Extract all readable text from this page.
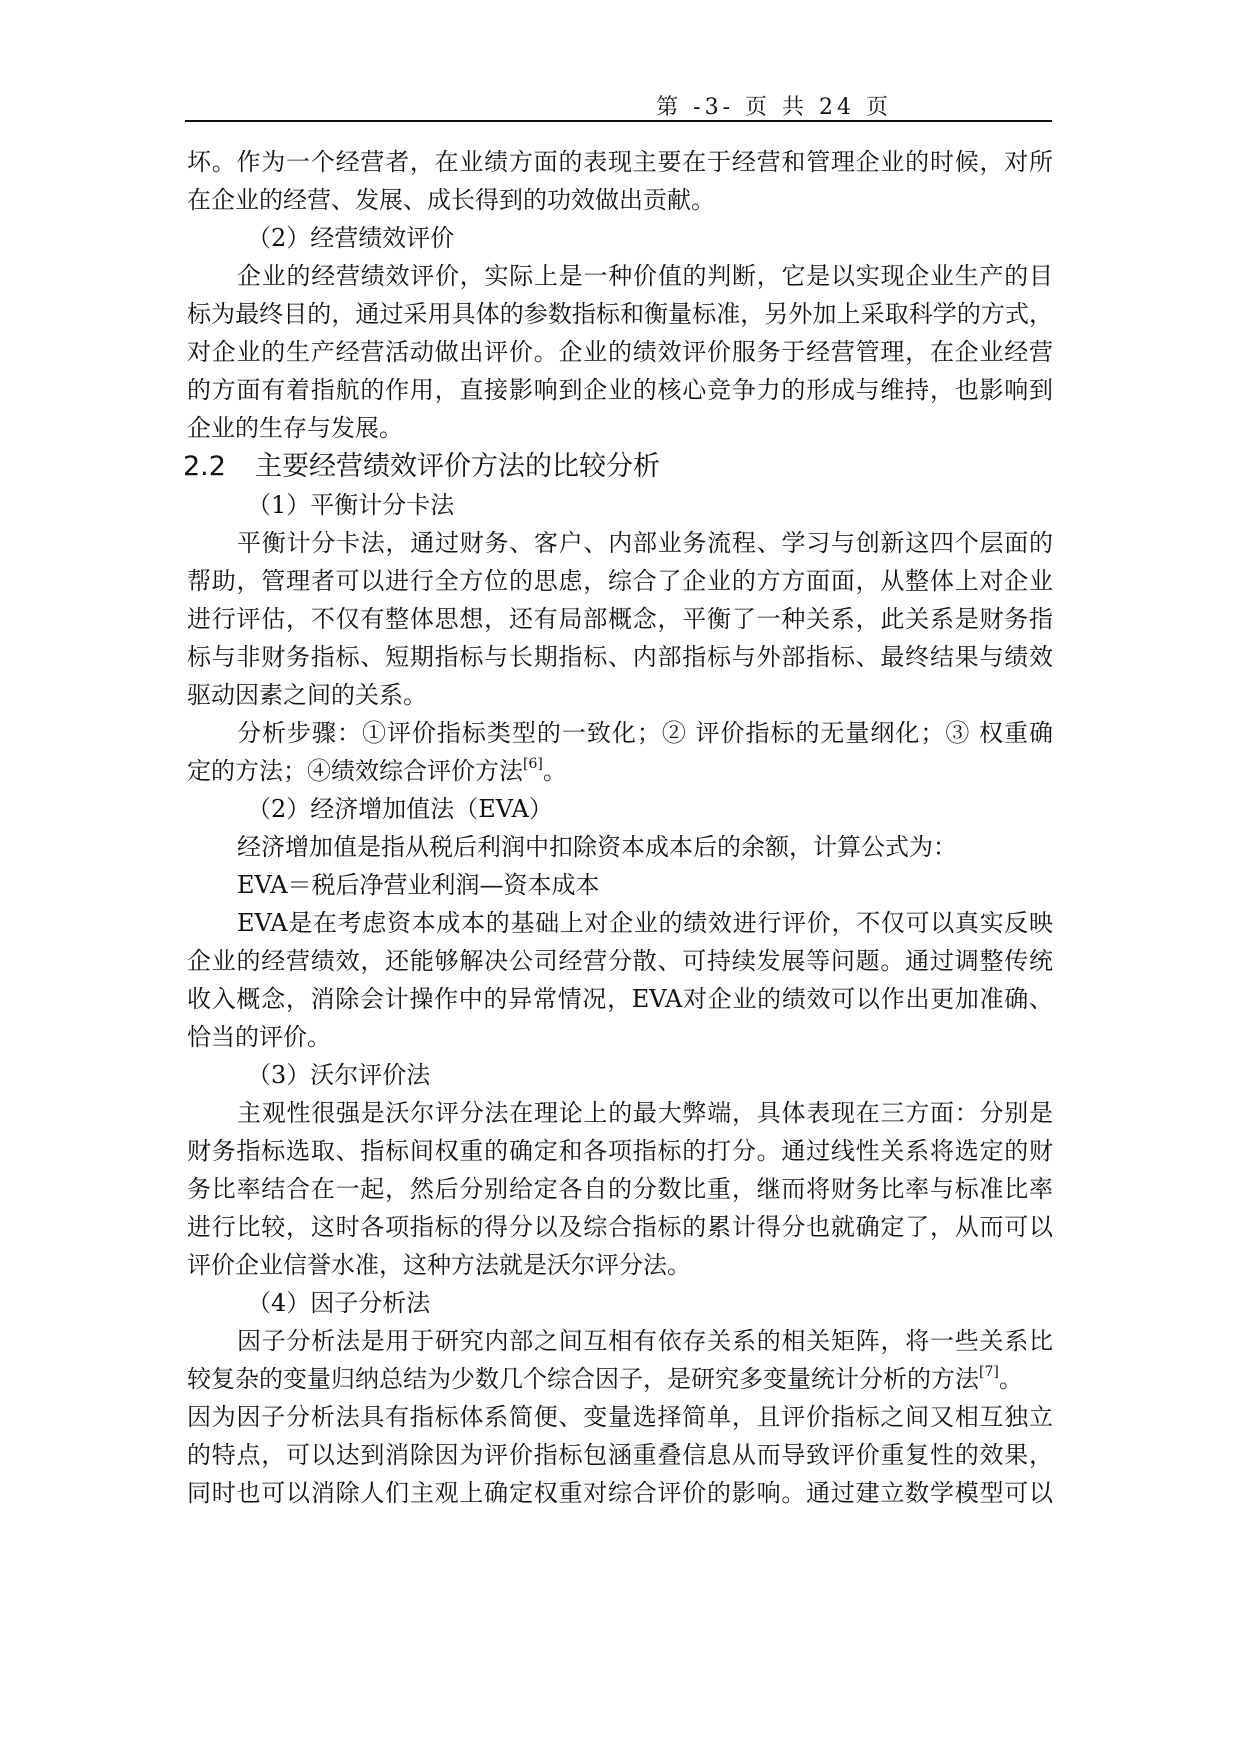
第 -3- 页 共 24 页
坏。作为一个经营者，在业绩方面的表现主要在于经营和管理企业的时候，对所
在企业的经营、发展、成长得到的功效做出贡献。
（2）经营绩效评价
企业的经营绩效评价，实际上是一种价值的判断，它是以实现企业生产的目
标为最终目的，通过采用具体的参数指标和衡量标准，另外加上采取科学的方式，
对企业的生产经营活动做出评价。企业的绩效评价服务于经营管理，在企业经营
的方面有着指航的作用，直接影响到企业的核心竞争力的形成与维持，也影响到
企业的生存与发展。
2.2 主要经营绩效评价方法的比较分析
（1）平衡计分卡法
平衡计分卡法，通过财务、客户、内部业务流程、学习与创新这四个层面的
帮助，管理者可以进行全方位的思虑，综合了企业的方方面面，从整体上对企业
进行评估，不仅有整体思想，还有局部概念，平衡了一种关系，此关系是财务指
标与非财务指标、短期指标与长期指标、内部指标与外部指标、最终结果与绩效
驱动因素之间的关系。
分析步骤：①评价指标类型的一致化；② 评价指标的无量纲化；③ 权重确
定的方法；④绩效综合评价方法[6]。
（2）经济增加值法（EVA）
经济增加值是指从税后利润中扣除资本成本后的余额，计算公式为：
EVA＝税后净营业利润—资本成本
EVA是在考虑资本成本的基础上对企业的绩效进行评价，不仅可以真实反映
企业的经营绩效，还能够解决公司经营分散、可持续发展等问题。通过调整传统
收入概念，消除会计操作中的异常情况，EVA对企业的绩效可以作出更加准确、
恰当的评价。
（3）沃尔评价法
主观性很强是沃尔评分法在理论上的最大弊端，具体表现在三方面：分别是
财务指标选取、指标间权重的确定和各项指标的打分。通过线性关系将选定的财
务比率结合在一起，然后分别给定各自的分数比重，继而将财务比率与标准比率
进行比较，这时各项指标的得分以及综合指标的累计得分也就确定了，从而可以
评价企业信誉水准，这种方法就是沃尔评分法。
（4）因子分析法
因子分析法是用于研究内部之间互相有依存关系的相关矩阵，将一些关系比
较复杂的变量归纳总结为少数几个综合因子，是研究多变量统计分析的方法[7]。
因为因子分析法具有指标体系简便、变量选择简单，且评价指标之间又相互独立
的特点，可以达到消除因为评价指标包涵重叠信息从而导致评价重复性的效果，
同时也可以消除人们主观上确定权重对综合评价的影响。通过建立数学模型可以
